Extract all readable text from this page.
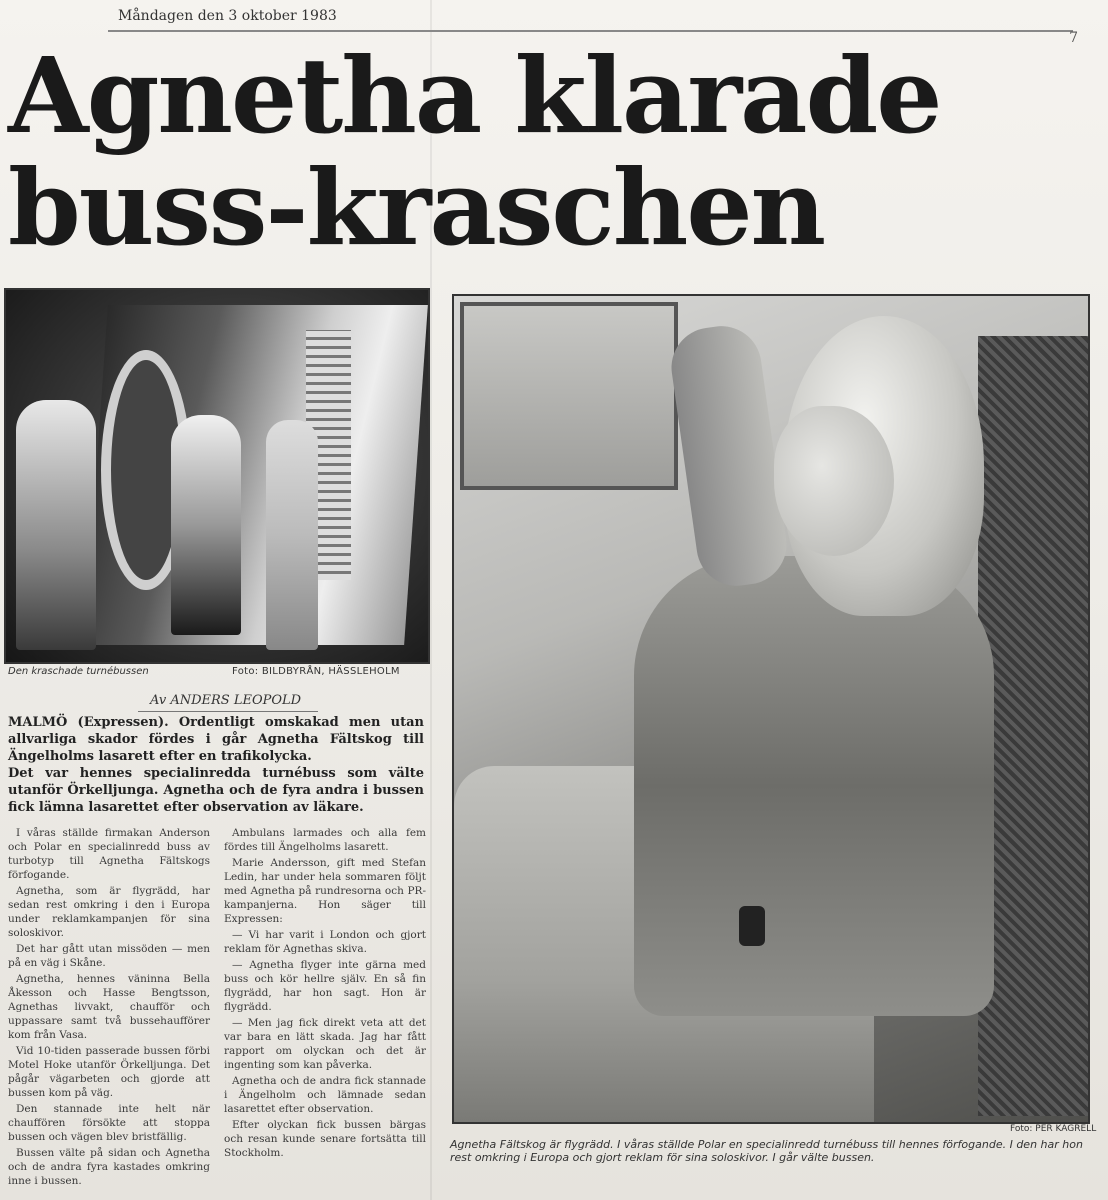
Måndagen den 3 oktober 1983
7
Agnetha klarade
buss-kraschen
Den kraschade turnébussen	Foto: BILDBYRÅN, HÄSSLEHOLM
Foto: PER KAGRELL
Agnetha Fältskog är flygrädd. I våras ställde Polar en specialinredd turnébuss till hennes förfogande. I den har hon rest omkring i Europa och gjort reklam för sina soloskivor. I går välte bussen.
Av ANDERS LEOPOLD

MALMÖ (Expressen). Ordentligt omskakad men utan allvarliga skador fördes i går Agnetha Fältskog till Ängelholms lasarett efter en trafikolycka.

Det var hennes specialinredda turnébuss som välte utanför Örkelljunga. Agnetha och de fyra andra i bussen fick lämna lasarettet efter observation av läkare.

I våras ställde firmakan Anderson och Polar en specialinredd buss av turbotyp till Agnetha Fältskogs förfogande.

Agnetha, som är flygrädd, har sedan rest omkring i den i Europa under reklamkampanjen för sina soloskivor.

Det har gått utan missöden — men på en väg i Skåne.

Agnetha, hennes väninna Bella Åkesson och Hasse Bengtsson, Agnethas livvakt, chaufför och uppassare samt två bussehaufförer kom från Vasa.

Vid 10-tiden passerade bussen förbi Motel Hoke utanför Örkelljunga. Det pågår vägarbeten och gjorde att bussen kom på väg.

Den stannade inte helt när chauffören försökte att stoppa bussen och vägen blev bristfällig.

Bussen välte på sidan och Agnetha och de andra fyra kastades omkring inne i bussen.

Ambulans larmades och alla fem fördes till Ängelholms lasarett.

Marie Andersson, gift med Stefan Ledin, har under hela sommaren följt med Agnetha på rundresorna och PR-kampanjerna. Hon säger till Expressen:

— Vi har varit i London och gjort reklam för Agnethas skiva.

— Agnetha flyger inte gärna med buss och kör hellre själv. En så fin flygrädd, har hon sagt. Hon är flygrädd.

— Men jag fick direkt veta att det var bara en lätt skada. Jag har fått rapport om olyckan och det är ingenting som kan påverka.

Agnetha och de andra fick stannade i Ängelholm och lämnade sedan lasarettet efter observation.

Efter olyckan fick bussen bärgas och resan kunde senare fortsätta till Stockholm.
